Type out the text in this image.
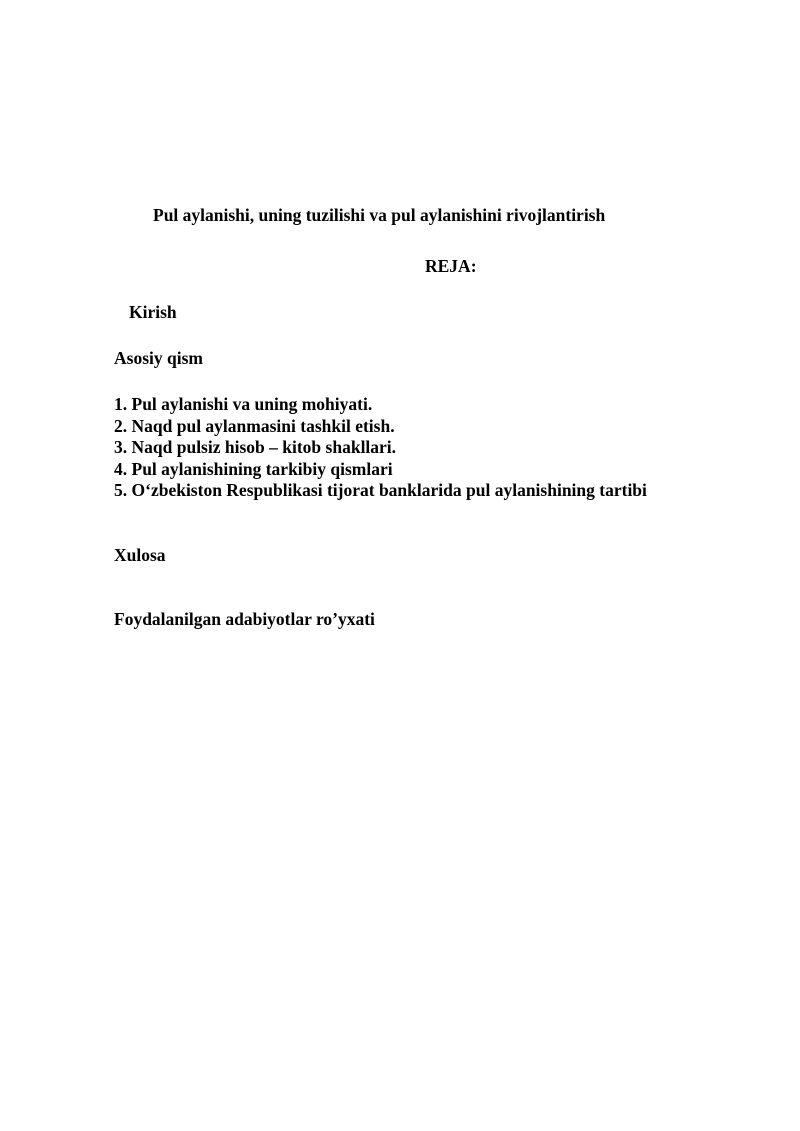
Pul aylanishi, uning tuzilishi va pul aylanishini rivojlantirish

REJA:

Kirish

Asosiy qism

1. Pul aylanishi va uning mohiyati.
2. Naqd pul aylanmasini tashkil etish.
3. Naqd pulsiz hisob – kitob shakllari.
4. Pul aylanishining tarkibiy qismlari
5. O‘zbekiston Respublikasi tijorat banklarida pul aylanishining tartibi

Xulosa

Foydalanilgan adabiyotlar ro’yxati
